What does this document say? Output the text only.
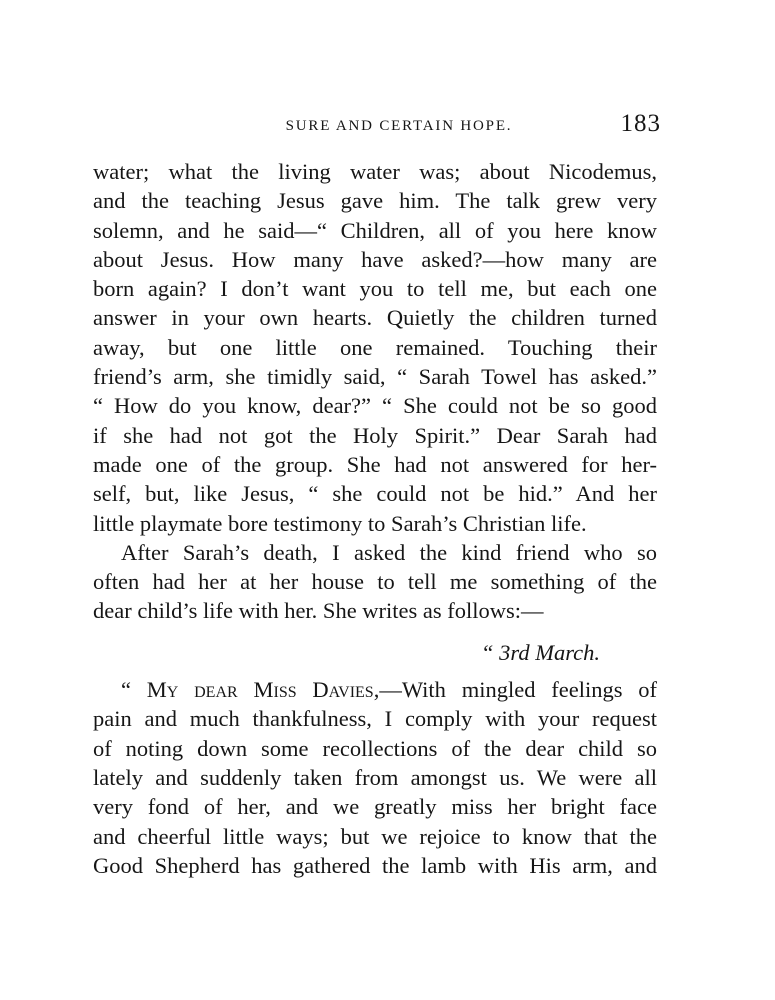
SURE AND CERTAIN HOPE.	183
water; what the living water was; about Nicodemus,
and the teaching Jesus gave him. The talk grew very
solemn, and he said—“ Children, all of you here know
about Jesus. How many have asked?—how many are
born again? I don’t want you to tell me, but each one
answer in your own hearts. Quietly the children turned
away, but one little one remained. Touching their
friend’s arm, she timidly said, “ Sarah Towel has asked.”
“ How do you know, dear?” “ She could not be so good
if she had not got the Holy Spirit.” Dear Sarah had
made one of the group. She had not answered for her-
self, but, like Jesus, “ she could not be hid.” And her
little playmate bore testimony to Sarah’s Christian life.
After Sarah’s death, I asked the kind friend who so
often had her at her house to tell me something of the
dear child’s life with her. She writes as follows:—
“ 3rd March.
“ My dear Miss Davies,—With mingled feelings of
pain and much thankfulness, I comply with your request
of noting down some recollections of the dear child so
lately and suddenly taken from amongst us. We were all
very fond of her, and we greatly miss her bright face
and cheerful little ways; but we rejoice to know that the
Good Shepherd has gathered the lamb with His arm, and
